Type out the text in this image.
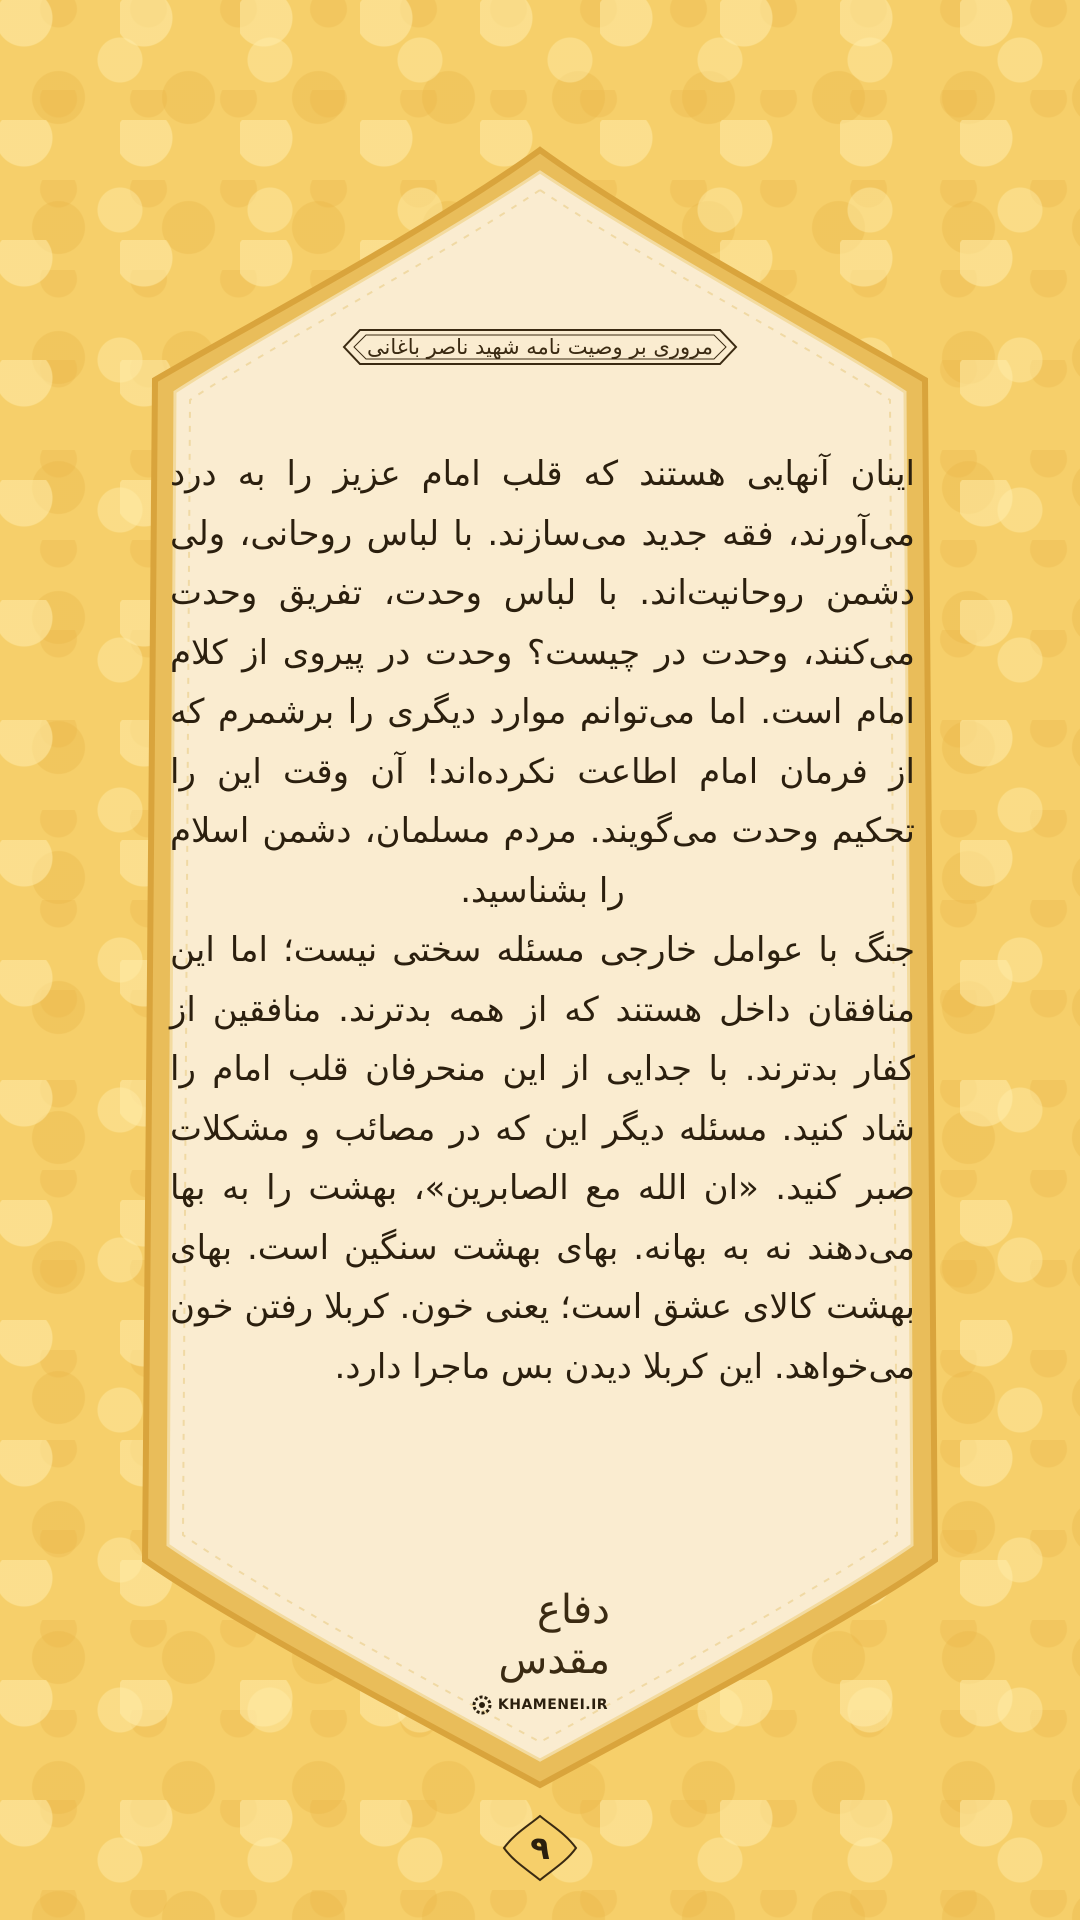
مروری بر وصیت نامه شهید ناصر باغانی

اینان آنهایی هستند که قلب امام عزیز را به درد می‌آورند، فقه جدید می‌سازند. با لباس روحانی، ولی دشمن روحانیت‌اند. با لباس وحدت، تفریق وحدت می‌کنند، وحدت در چیست؟ وحدت در پیروی از کلام امام است. اما می‌توانم موارد دیگری را برشمرم که از فرمان امام اطاعت نکرده‌اند! آن وقت این را تحکیم وحدت می‌گویند. مردم مسلمان، دشمن اسلام را بشناسید.

جنگ با عوامل خارجی مسئله سختی نیست؛ اما این منافقان داخل هستند که از همه بدترند. منافقین از کفار بدترند. با جدایی از این منحرفان قلب امام را شاد کنید. مسئله دیگر این که در مصائب و مشکلات صبر کنید. «ان الله مع الصابرین»، بهشت را به بها می‌دهند نه به بهانه. بهای بهشت سنگین است. بهای بهشت کالای عشق است؛ یعنی خون. کربلا رفتن خون می‌خواهد. این کربلا دیدن بس ماجرا دارد.

دفاع مقدس
KHAMENEI.IR
۹
